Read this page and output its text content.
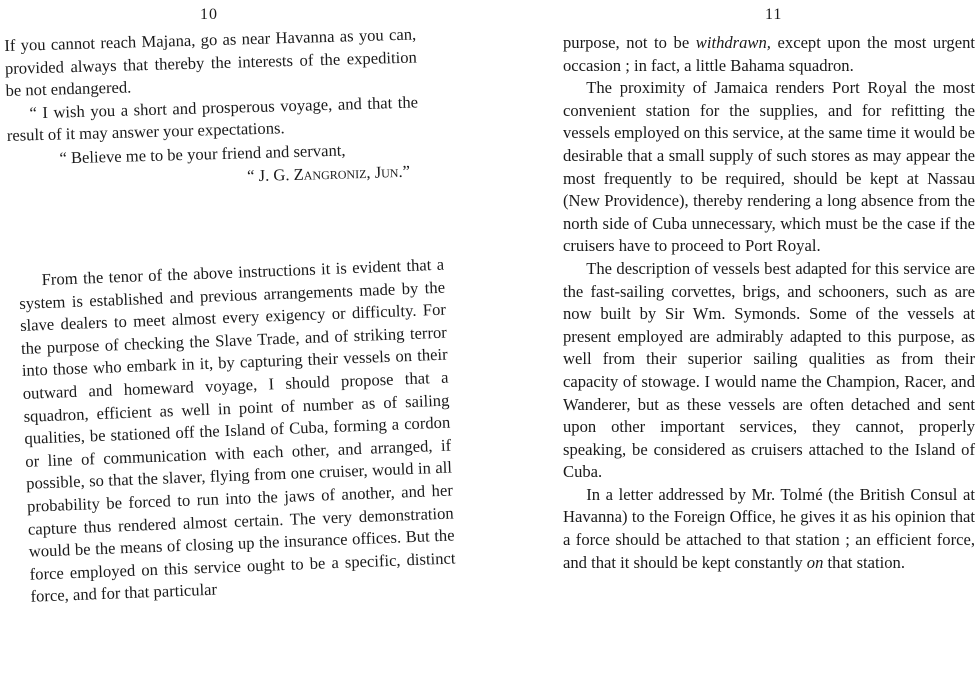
10

If you cannot reach Majana, go as near Havanna as you can, provided always that thereby the interests of the expedition be not endangered.

“ I wish you a short and prosperous voyage, and that the result of it may answer your expectations.

“ Believe me to be your friend and servant,

“ J. G. Zangroniz, Jun.”

From the tenor of the above instructions it is evident that a system is established and previous arrangements made by the slave dealers to meet almost every exigency or difficulty. For the purpose of checking the Slave Trade, and of striking terror into those who embark in it, by capturing their vessels on their outward and homeward voyage, I should propose that a squadron, efficient as well in point of number as of sailing qualities, be stationed off the Island of Cuba, forming a cordon or line of communication with each other, and arranged, if possible, so that the slaver, flying from one cruiser, would in all probability be forced to run into the jaws of another, and her capture thus rendered almost certain. The very demonstration would be the means of closing up the insurance offices. But the force employed on this service ought to be a specific, distinct force, and for that particular

11

purpose, not to be withdrawn, except upon the most urgent occasion ; in fact, a little Bahama squadron.

The proximity of Jamaica renders Port Royal the most convenient station for the supplies, and for refitting the vessels employed on this service, at the same time it would be desirable that a small supply of such stores as may appear the most frequently to be required, should be kept at Nassau (New Providence), thereby rendering a long absence from the north side of Cuba unnecessary, which must be the case if the cruisers have to proceed to Port Royal.

The description of vessels best adapted for this service are the fast-sailing corvettes, brigs, and schooners, such as are now built by Sir Wm. Symonds. Some of the vessels at present employed are admirably adapted to this purpose, as well from their superior sailing qualities as from their capacity of stowage. I would name the Champion, Racer, and Wanderer, but as these vessels are often detached and sent upon other important services, they cannot, properly speaking, be considered as cruisers attached to the Island of Cuba.

In a letter addressed by Mr. Tolmé (the British Consul at Havanna) to the Foreign Office, he gives it as his opinion that a force should be attached to that station ; an efficient force, and that it should be kept constantly on that station.
